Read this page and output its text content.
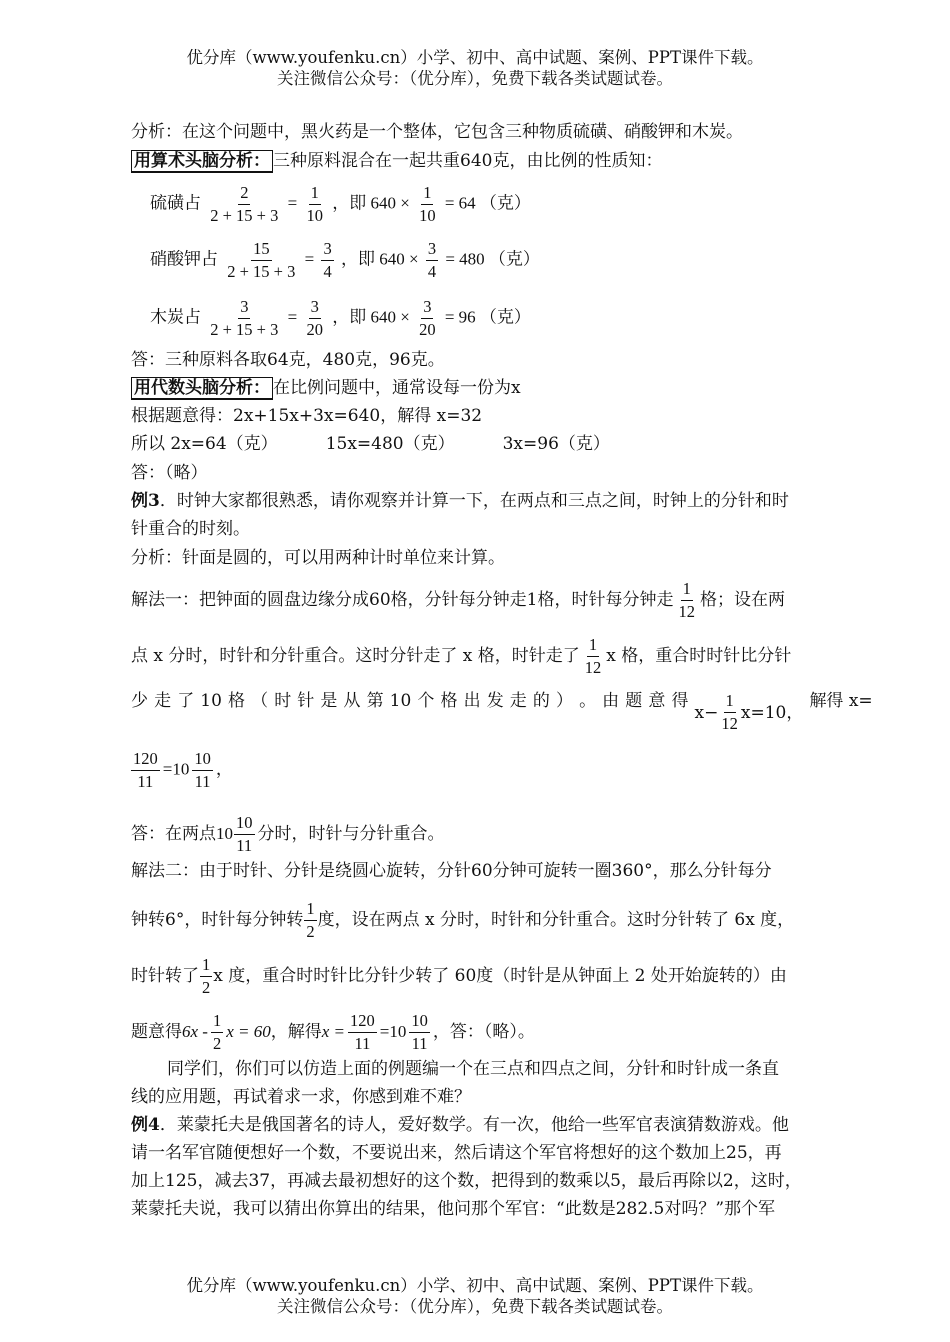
优分库（www.youfenku.cn）小学、初中、高中试题、案例、PPT课件下载。
关注微信公众号：（优分库），免费下载各类试题试卷。
分析：在这个问题中，黑火药是一个整体，它包含三种物质硫磺、硝酸钾和木炭。
用算术头脑分析： 三种原料混合在一起共重640克，由比例的性质知：
硫磺占 $\frac{2}{2 + 15 + 3} = \frac{1}{10}$ ，即 $640 \times \frac{1}{10} = 64$ （克）
硝酸钾占 $\frac{15}{2 + 15 + 3} = \frac{3}{4}$ ，即 $640 \times \frac{3}{4} = 480$ （克）
木炭占 $\frac{3}{2 + 15 + 3} = \frac{3}{20}$ ，即 $640 \times \frac{3}{20} = 96$ （克）
答：三种原料各取64克，480克，96克。
用代数头脑分析： 在比例问题中，通常设每一份为x
根据题意得：2x+15x+3x=640，解得 x=32
所以 2x=64（克）	15x=480（克）	3x=96（克）
答：（略）
例3．时钟大家都很熟悉，请你观察并计算一下，在两点和三点之间，时钟上的分针和时
针重合的时刻。
分析：针面是圆的，可以用两种计时单位来计算。
解法一：把钟面的圆盘边缘分成60格，分针每分钟走1格，时针每分钟走 $\frac{1}{12}$ 格；设在两
点 x 分时，时针和分针重合。这时分针走了 x 格，时针走了 $\frac{1}{12}$ x 格，重合时时针比分针
少 走 了 10 格 （ 时 针 是 从 第 10 个 格 出 发 走 的 ） 。 由 题 意 得
$x- \frac{1}{12} x=10$，
解得 x=
$\frac{120}{11} =10 \frac{10}{11}$ ，
答：在两点$10 \frac{10}{11}$ 分时，时针与分针重合。
解法二：由于时针、分针是绕圆心旋转，分针60分钟可旋转一圈360°，那么分针每分
钟转6°，时针每分钟转 $\frac{1}{2}$ 度，设在两点 x 分时，时针和分针重合。这时分针转了 6x 度，
时针转了 $\frac{1}{2}$ x 度，重合时时针比分针少转了 60度（时针是从钟面上 2 处开始旋转的）由
题意得$6x - \frac{1}{2}$ x = 60，解得$x = \frac{120}{11} =10 \frac{10}{11}$ ，答：（略）。
同学们，你们可以仿造上面的例题编一个在三点和四点之间，分针和时针成一条直
线的应用题，再试着求一求，你感到难不难？
例4．莱蒙托夫是俄国著名的诗人，爱好数学。有一次，他给一些军官表演猜数游戏。他
请一名军官随便想好一个数，不要说出来，然后请这个军官将想好的这个数加上25，再
加上125，减去37，再减去最初想好的这个数，把得到的数乘以5，最后再除以2，这时，
莱蒙托夫说，我可以猜出你算出的结果，他问那个军官：“此数是282.5对吗？”那个军
优分库（www.youfenku.cn）小学、初中、高中试题、案例、PPT课件下载。
关注微信公众号：（优分库），免费下载各类试题试卷。
